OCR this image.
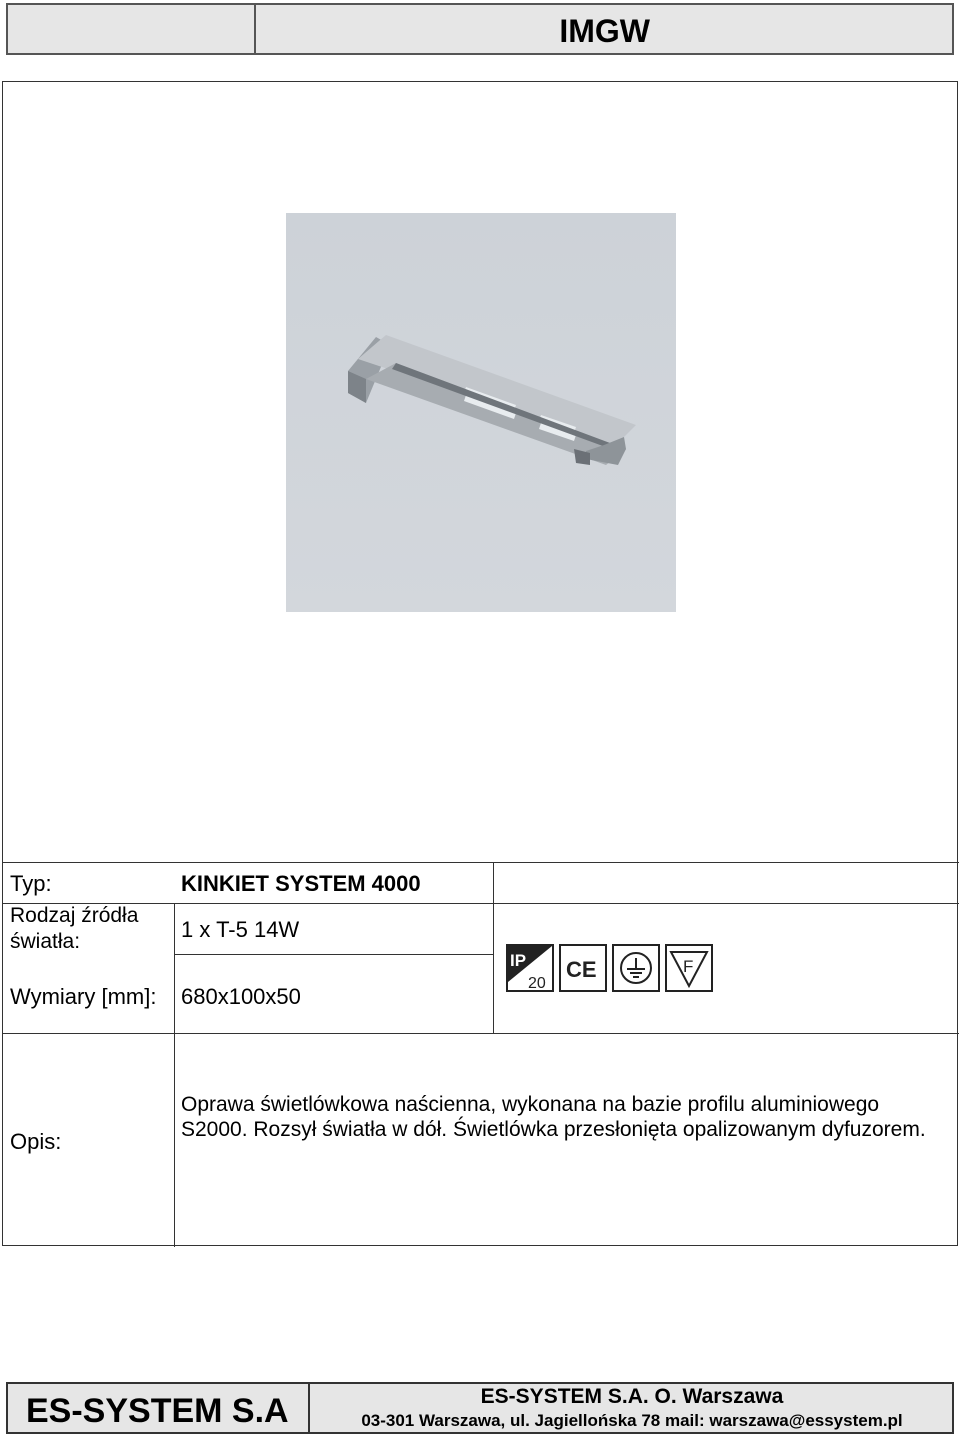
IMGW
Typ:	KINKIET SYSTEM 4000
Rodzaj źródła
światła:	1 x T-5 14W
Wymiary [mm]: 680x100x50
Opis:
Oprawa świetlówkowa naścienna, wykonana na bazie profilu aluminiowego S2000. Rozsył światła w dół. Świetlówka przesłonięta opalizowanym dyfuzorem.
IP
20
CE	F
ES-SYSTEM S.A	ES-SYSTEM S.A. O. Warszawa
03-301 Warszawa, ul. Jagiellońska 78 mail: warszawa@essystem.pl
